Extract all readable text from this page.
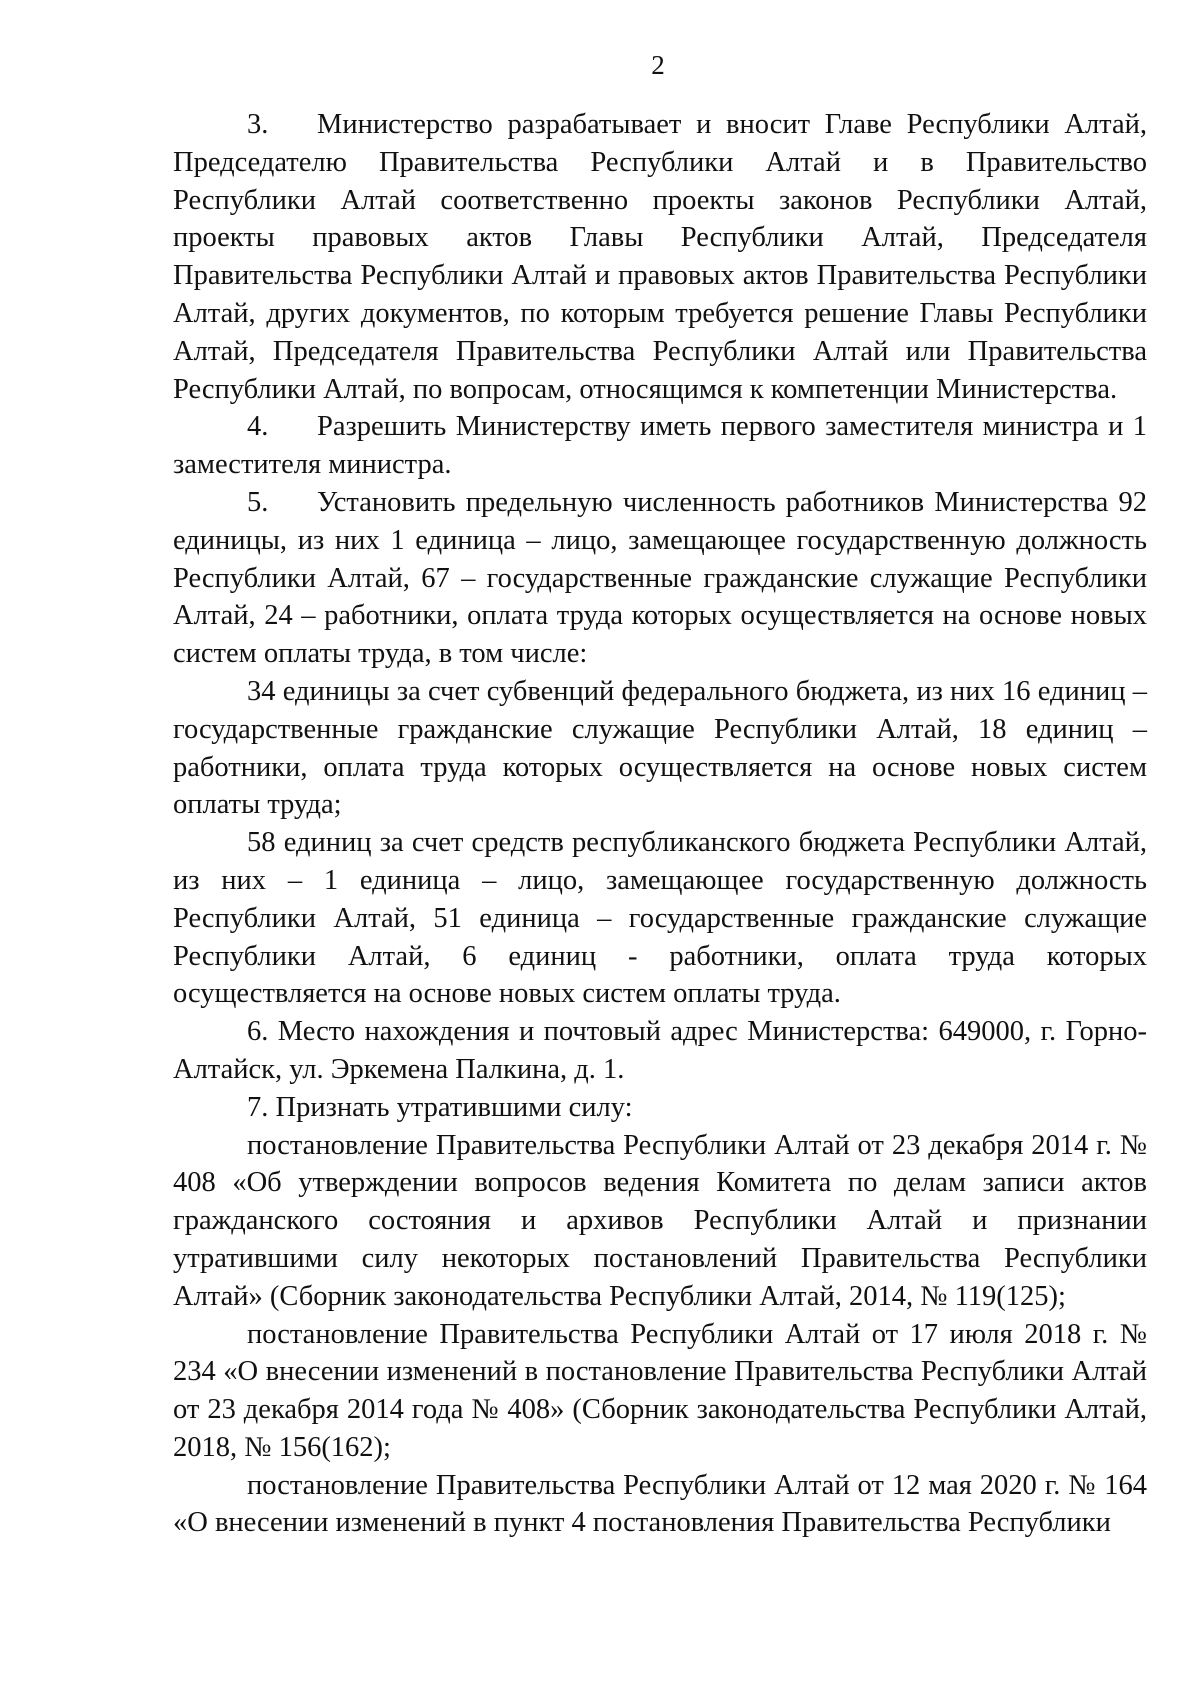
2

3. Министерство разрабатывает и вносит Главе Республики Алтай, Председателю Правительства Республики Алтай и в Правительство Республики Алтай соответственно проекты законов Республики Алтай, проекты правовых актов Главы Республики Алтай, Председателя Правительства Республики Алтай и правовых актов Правительства Республики Алтай, других документов, по которым требуется решение Главы Республики Алтай, Председателя Правительства Республики Алтай или Правительства Республики Алтай, по вопросам, относящимся к компетенции Министерства.

4. Разрешить Министерству иметь первого заместителя министра и 1 заместителя министра.

5. Установить предельную численность работников Министерства 92 единицы, из них 1 единица – лицо, замещающее государственную должность Республики Алтай, 67 – государственные гражданские служащие Республики Алтай, 24 – работники, оплата труда которых осуществляется на основе новых систем оплаты труда, в том числе:

34 единицы за счет субвенций федерального бюджета, из них 16 единиц – государственные гражданские служащие Республики Алтай, 18 единиц – работники, оплата труда которых осуществляется на основе новых систем оплаты труда;

58 единиц за счет средств республиканского бюджета Республики Алтай, из них – 1 единица – лицо, замещающее государственную должность Республики Алтай, 51 единица – государственные гражданские служащие Республики Алтай, 6 единиц - работники, оплата труда которых осуществляется на основе новых систем оплаты труда.

6. Место нахождения и почтовый адрес Министерства: 649000, г. Горно-Алтайск, ул. Эркемена Палкина, д. 1.

7. Признать утратившими силу:

постановление Правительства Республики Алтай от 23 декабря 2014 г. № 408 «Об утверждении вопросов ведения Комитета по делам записи актов гражданского состояния и архивов Республики Алтай и признании утратившими силу некоторых постановлений Правительства Республики Алтай» (Сборник законодательства Республики Алтай, 2014, № 119(125);

постановление Правительства Республики Алтай от 17 июля 2018 г. № 234 «О внесении изменений в постановление Правительства Республики Алтай от 23 декабря 2014 года № 408» (Сборник законодательства Республики Алтай, 2018, № 156(162);

постановление Правительства Республики Алтай от 12 мая 2020 г. № 164 «О внесении изменений в пункт 4 постановления Правительства Республики
